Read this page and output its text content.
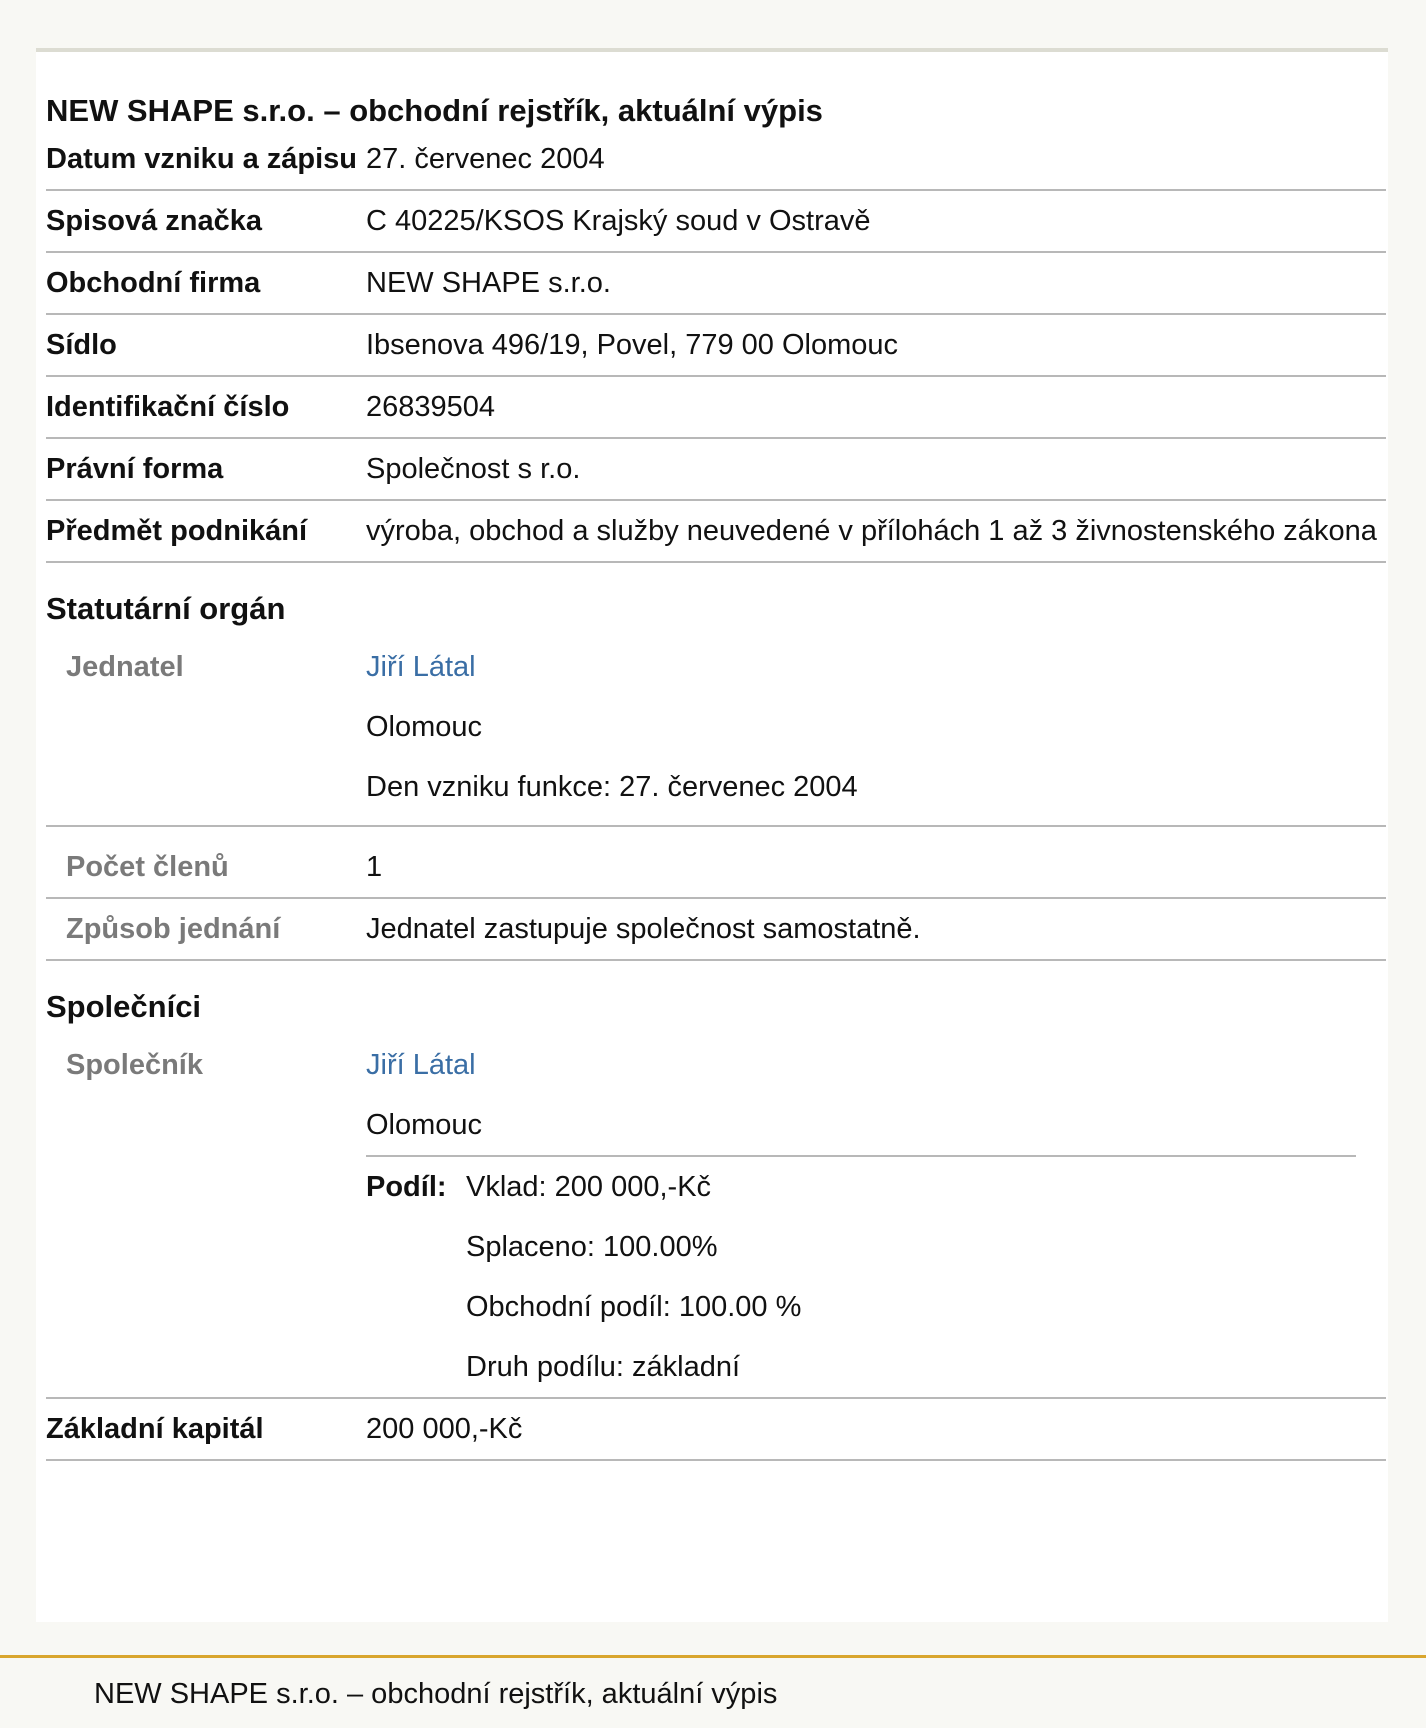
NEW SHAPE s.r.o. – obchodní rejstřík, aktuální výpis
Datum vzniku a zápisu 27. červenec 2004
Spisová značka	C 40225/KSOS Krajský soud v Ostravě
Obchodní firma	NEW SHAPE s.r.o.
Sídlo	Ibsenova 496/19, Povel, 779 00 Olomouc
Identifikační číslo	26839504
Právní forma	Společnost s r.o.
Předmět podnikání	výroba, obchod a služby neuvedené v přílohách 1 až 3 živnostenského zákona
Statutární orgán
Jednatel	Jiří Látal
Olomouc
Den vzniku funkce: 27. červenec 2004
Počet členů	1
Způsob jednání	Jednatel zastupuje společnost samostatně.
Společníci
Společník	Jiří Látal
Olomouc
Podíl: Vklad: 200 000,-Kč
Splaceno: 100.00%
Obchodní podíl: 100.00 %
Druh podílu: základní
Základní kapitál	200 000,-Kč
NEW SHAPE s.r.o. – obchodní rejstřík, aktuální výpis
